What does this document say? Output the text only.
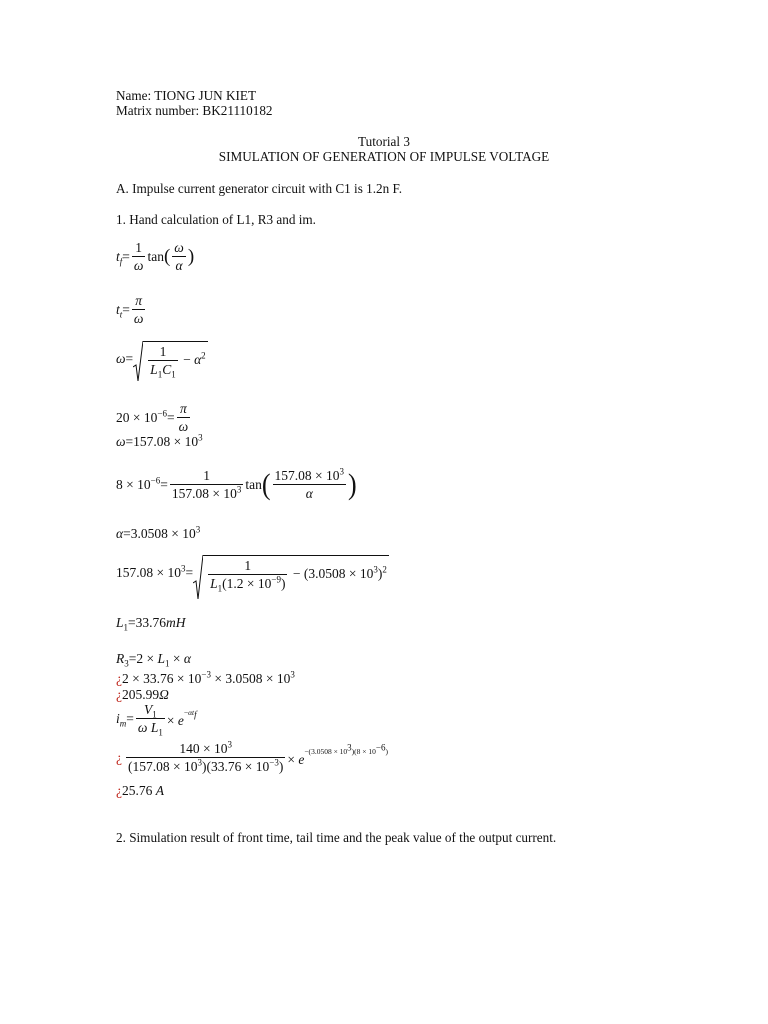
Name: TIONG JUN KIET
Matrix number: BK21110182
Tutorial 3
SIMULATION OF GENERATION OF IMPULSE VOLTAGE
A. Impulse current generator circuit with C1 is 1.2n F.
1. Hand calculation of L1, R3 and im.
$t_f= \frac{1}{\omega} \tan( \frac{\omega}{\alpha}$ )
$t_t= \frac{\pi}{\omega}$
$\omega= \frac{1}{L_1C_1} - \alpha^2$
$20 \times 10^{-6}= \frac{\pi}{\omega}$
$\omega=157.08 \times 10^3$
$8 \times 10^{-6}= \frac{1}{157.08 \times 10^3} \tan( \frac{157.08 \times 10^3}{\alpha}$ )
$\alpha=3.0508 \times 10^3$
$157.08 \times 10^3= \frac{1}{L_1(1.2 \times 10^{-9})} - (3.0508 \times 10^3)^2$
$L_1=33.76mH$
$R_3=2 \times L_1 \times \alpha$
¿$2 \times 33.76 \times 10^{-3} \times 3.0508 \times 10^3$
¿205.99Ω
$i_m= \frac{V_1}{\omega L_1} \times e^{-\alpha t_f}$
¿ $\frac{140 \times 10^3}{(157.08 \times 10^3)(33.76 \times 10^{-3})} \times e^{-(3.0508 \times 10^3)(8 \times 10^{-6})}$
¿25.76 A
2. Simulation result of front time, tail time and the peak value of the output current.
